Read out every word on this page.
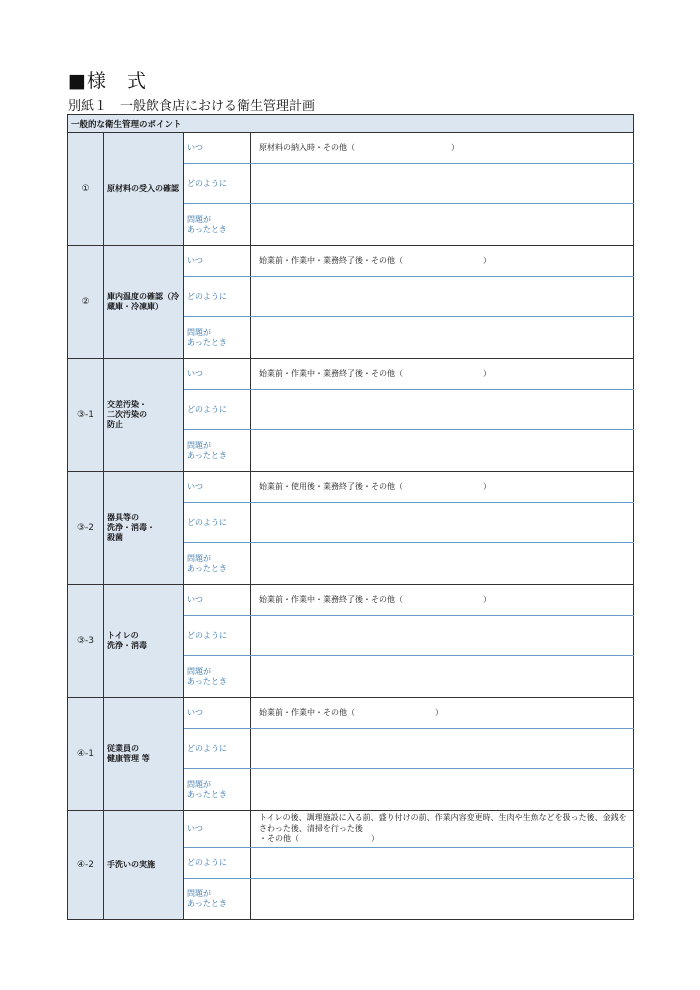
■様　式
別紙１　一般飲食店における衛生管理計画
一般的な衛生管理のポイント			
①	原材料の受入の確認	いつ	原材料の納入時・その他（　　　　　　　　　　　　）
		どのように	
		問題が
あったとき	
②	庫内温度の確認（冷蔵庫・冷凍庫）	いつ	始業前・作業中・業務終了後・その他（　　　　　　　　　　）
		どのように	
		問題が
あったとき	
③-1	交差汚染・
二次汚染の
防止	いつ	始業前・作業中・業務終了後・その他（　　　　　　　　　　）
		どのように	
		問題が
あったとき	
③-2	器具等の
洗浄・消毒・
殺菌	いつ	始業前・使用後・業務終了後・その他（　　　　　　　　　　）
		どのように	
		問題が
あったとき	
③-3	トイレの
洗浄・消毒	いつ	始業前・作業中・業務終了後・その他（　　　　　　　　　　）
		どのように	
		問題が
あったとき	
④-1	従業員の
健康管理 等	いつ	始業前・作業中・その他（　　　　　　　　　　）
		どのように	
		問題が
あったとき	
④-2	手洗いの実施	いつ	トイレの後、調理施設に入る前、盛り付けの前、作業内容変更時、生肉や生魚などを扱った後、金銭をさわった後、清掃を行った後
・その他（　　　　　　　　　）
		どのように	
		問題が
あったとき	
